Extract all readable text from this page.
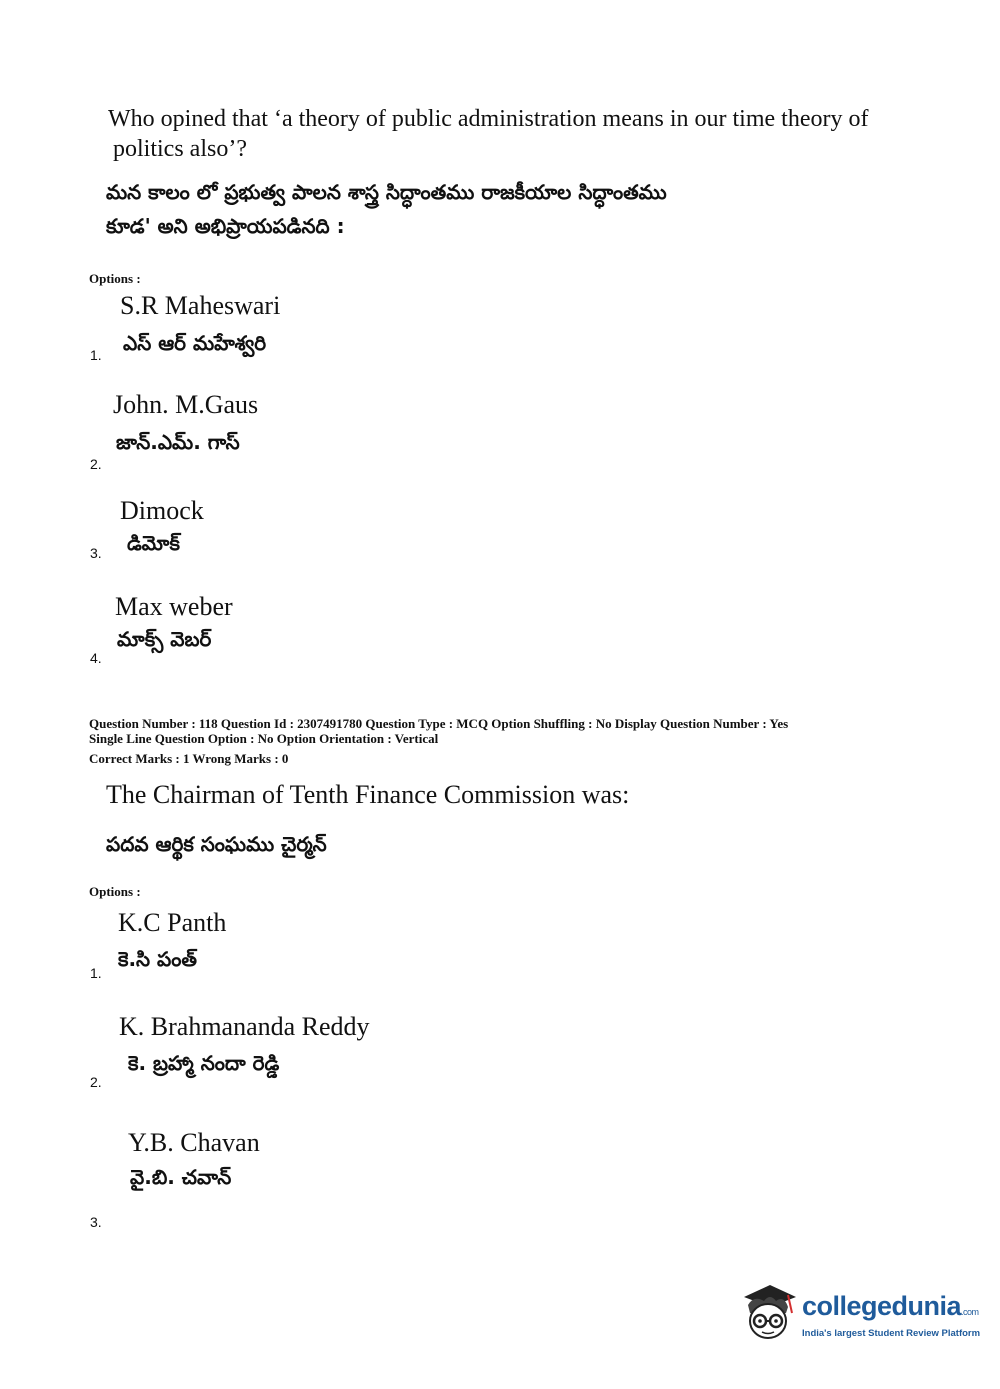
Who opined that ‘a theory of public administration means in our time theory of
politics also’?
మన కాలం లో ప్రభుత్వ పాలన శాస్త్ర సిద్ధాంతము రాజకీయాల సిద్ధాంతము
కూడ' అని అభిప్రాయపడినది :
Options :
S.R Maheswari
ఎస్ ఆర్ మహేశ్వరి
1.
John. M.Gaus
జాన్.ఎమ్. గాస్
2.
Dimock
డిమోక్
3.
Max weber
మాక్స్ వెబర్
4.
Question Number : 118 Question Id : 2307491780 Question Type : MCQ Option Shuffling : No Display Question Number : Yes
Single Line Question Option : No Option Orientation : Vertical
Correct Marks : 1 Wrong Marks : 0
The Chairman of Tenth Finance Commission was:
పదవ ఆర్థిక సంఘము చైర్మన్
Options :
K.C Panth
కె.సి పంత్
1.
K. Brahmananda Reddy
కె. బ్రహ్మా నందా రెడ్డి
2.
Y.B. Chavan
వై.బి. చవాన్
3.
collegedunia.com
India's largest Student Review Platform
